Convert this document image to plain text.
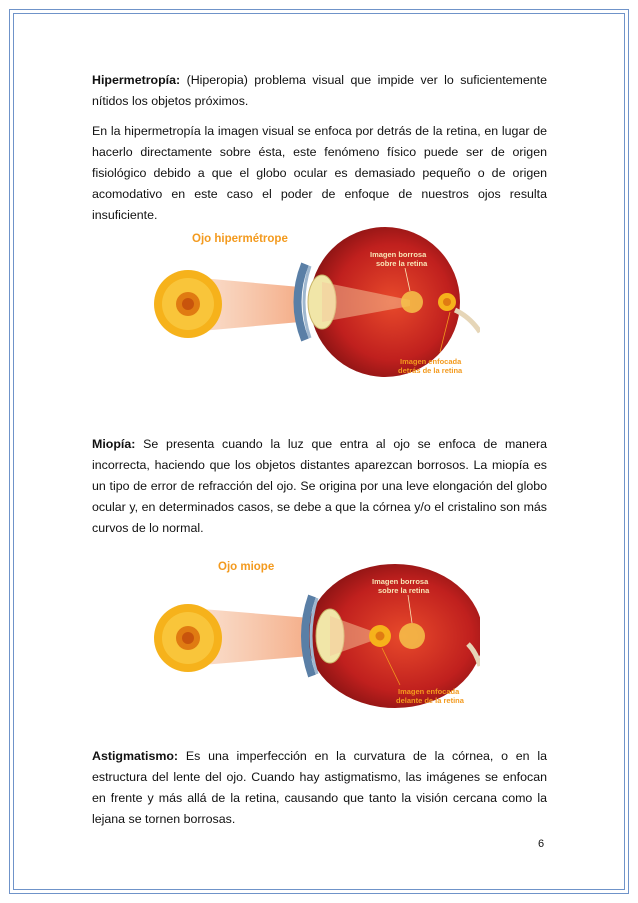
Hipermetropía: (Hiperopia) problema visual que impide ver lo suficientemente nítidos los objetos próximos.

En la hipermetropía la imagen visual se enfoca por detrás de la retina, en lugar de hacerlo directamente sobre ésta, este fenómeno físico puede ser de origen fisiológico debido a que el globo ocular es demasiado pequeño o de origen acomodativo en este caso el poder de enfoque de nuestros ojos resulta insuficiente.

Ojo hipermétrope
Imagen borrosa
sobre la retina
Imagen enfocada
detrás de la retina

Miopía: Se presenta cuando la luz que entra al ojo se enfoca de manera incorrecta, haciendo que los objetos distantes aparezcan borrosos. La miopía es un tipo de error de refracción del ojo. Se origina por una leve elongación del globo ocular y, en determinados casos, se debe a que la córnea y/o el cristalino son más curvos de lo normal.

Ojo miope
Imagen borrosa
sobre la retina
Imagen enfocada
delante de la retina

Astigmatismo: Es una imperfección en la curvatura de la córnea, o en la estructura del lente del ojo. Cuando hay astigmatismo, las imágenes se enfocan en frente y más allá de la retina, causando que tanto la visión cercana como la lejana se tornen borrosas.

6
